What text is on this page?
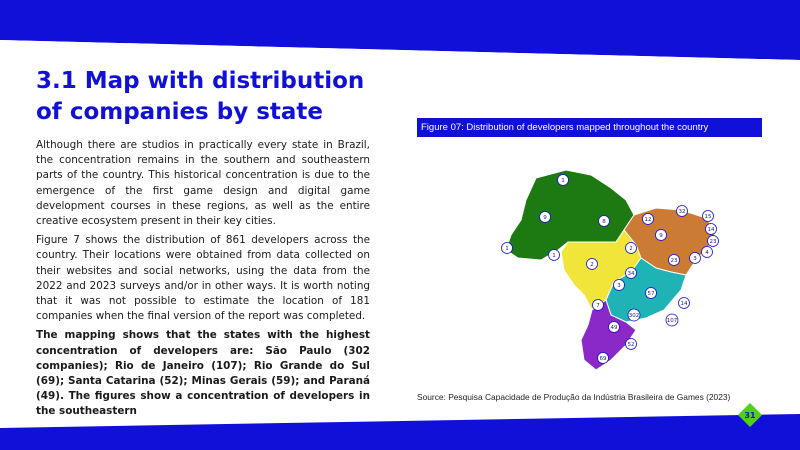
3.1 Map with distribution
of companies by state

Although there are studios in practically every state in Brazil, the concentration remains in the southern and southeastern parts of the country. This historical concentration is due to the emergence of the first game design and digital game development courses in these regions, as well as the entire creative ecosystem present in their key cities.

Figure 7 shows the distribution of 861 developers across the country. Their locations were obtained from data collected on their websites and social networks, using the data from the 2022 and 2023 surveys and/or in other ways. It is worth noting that it was not possible to estimate the location of 181 companies when the final version of the report was completed.

The mapping shows that the states with the highest concentration of developers are: São Paulo (302 companies); Rio de Janeiro (107); Rio Grande do Sul (69); Santa Catarina (52); Minas Gerais (59); and Paraná (49). The figures show a concentration of developers in the southeastern

Figure 07: Distribution of developers mapped throughout the country
1
9
1
1
8
2
2
12
9
32
15
14
23
4
3
23
34
3
7
57
14
302
107
49
52
69
Source: Pesquisa Capacidade de Produção da Indústria Brasileira de Games (2023)
31
